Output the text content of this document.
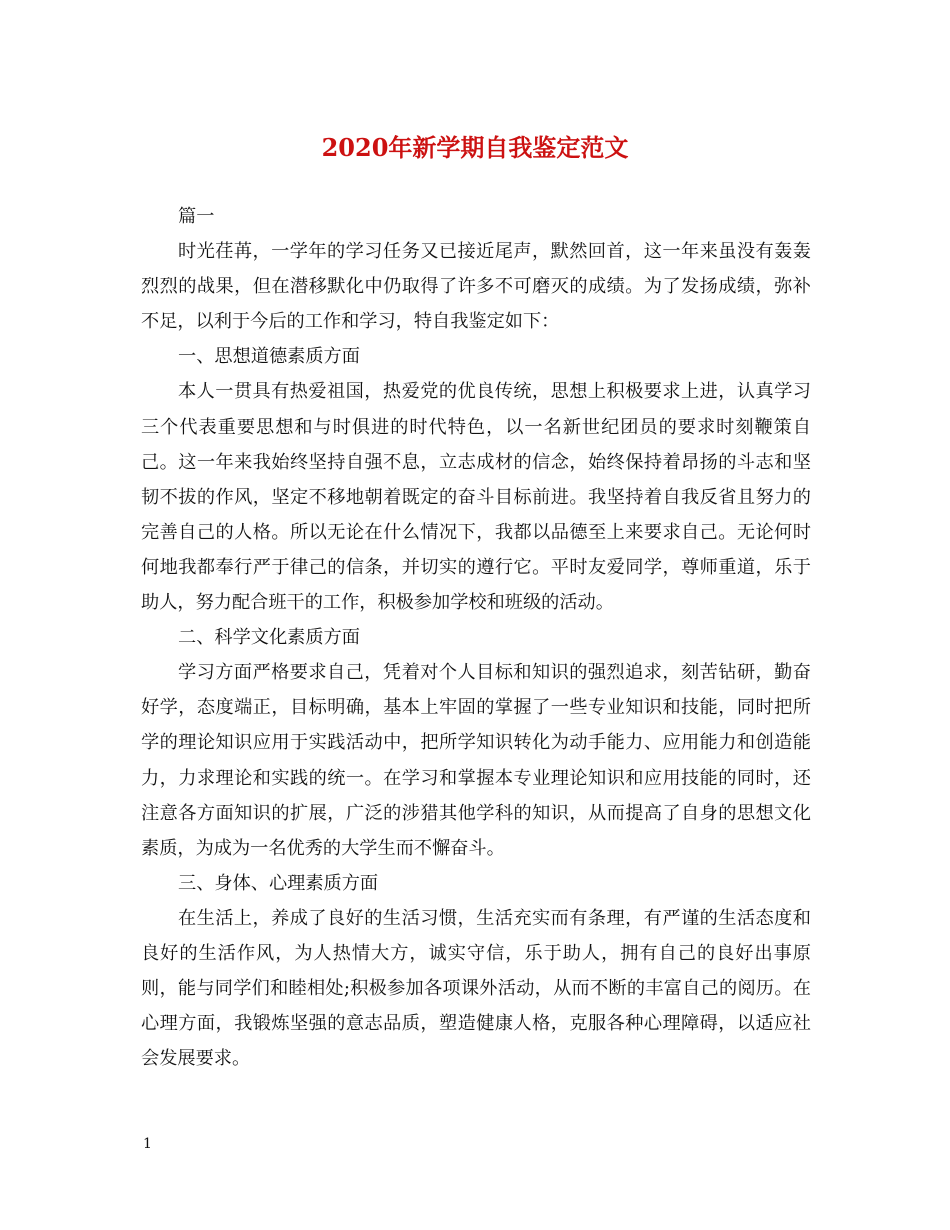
2020年新学期自我鉴定范文

篇一

时光荏苒，一学年的学习任务又已接近尾声，默然回首，这一年来虽没有轰轰烈烈的战果，但在潜移默化中仍取得了许多不可磨灭的成绩。为了发扬成绩，弥补不足，以利于今后的工作和学习，特自我鉴定如下：

一、思想道德素质方面

本人一贯具有热爱祖国，热爱党的优良传统，思想上积极要求上进，认真学习三个代表重要思想和与时俱进的时代特色，以一名新世纪团员的要求时刻鞭策自己。这一年来我始终坚持自强不息，立志成材的信念，始终保持着昂扬的斗志和坚韧不拔的作风，坚定不移地朝着既定的奋斗目标前进。我坚持着自我反省且努力的完善自己的人格。所以无论在什么情况下，我都以品德至上来要求自己。无论何时何地我都奉行严于律己的信条，并切实的遵行它。平时友爱同学，尊师重道，乐于助人，努力配合班干的工作，积极参加学校和班级的活动。

二、科学文化素质方面

学习方面严格要求自己，凭着对个人目标和知识的强烈追求，刻苦钻研，勤奋好学，态度端正，目标明确，基本上牢固的掌握了一些专业知识和技能，同时把所学的理论知识应用于实践活动中，把所学知识转化为动手能力、应用能力和创造能力，力求理论和实践的统一。在学习和掌握本专业理论知识和应用技能的同时，还注意各方面知识的扩展，广泛的涉猎其他学科的知识，从而提高了自身的思想文化素质，为成为一名优秀的大学生而不懈奋斗。

三、身体、心理素质方面

在生活上，养成了良好的生活习惯，生活充实而有条理，有严谨的生活态度和良好的生活作风，为人热情大方，诚实守信，乐于助人，拥有自己的良好出事原则，能与同学们和睦相处;积极参加各项课外活动，从而不断的丰富自己的阅历。在心理方面，我锻炼坚强的意志品质，塑造健康人格，克服各种心理障碍，以适应社会发展要求。

1
